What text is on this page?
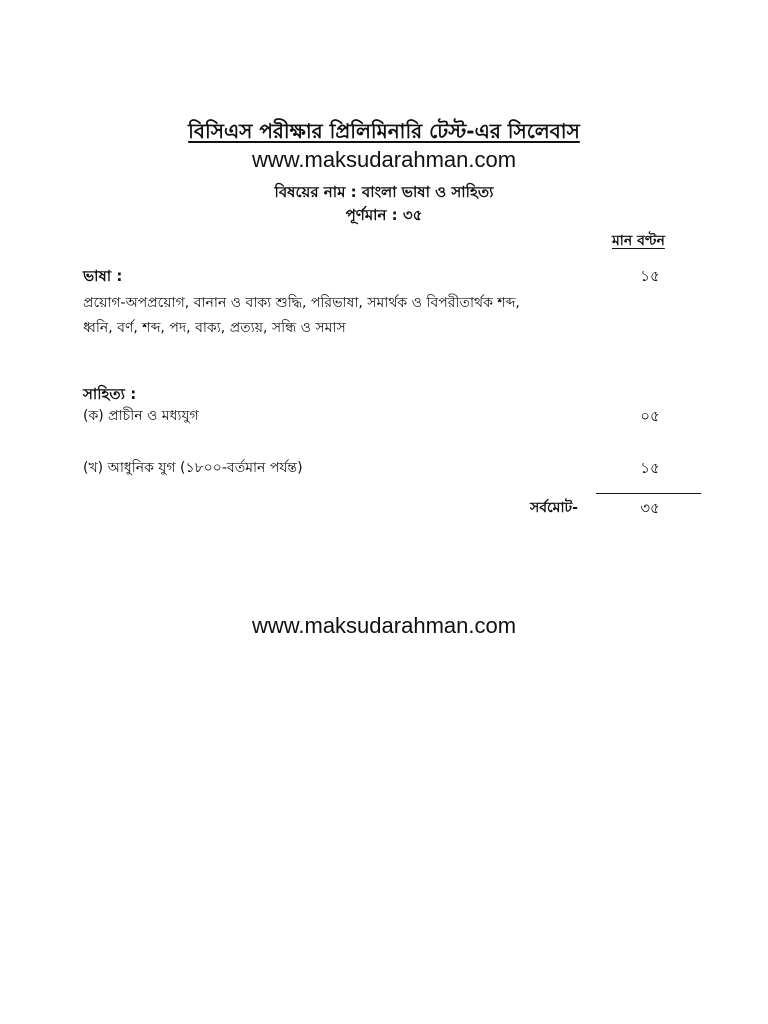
বিসিএস পরীক্ষার প্রিলিমিনারি টেস্ট-এর সিলেবাস
www.maksudarahman.com
বিষয়ের নাম : বাংলা ভাষা ও সাহিত্য
পূর্ণমান : ৩৫
মান বণ্টন
ভাষা :	১৫
প্রয়োগ-অপপ্রয়োগ, বানান ও বাক্য শুদ্ধি, পরিভাষা, সমার্থক ও বিপরীতার্থক শব্দ,
ধ্বনি, বর্ণ, শব্দ, পদ, বাক্য, প্রত্যয়, সন্ধি ও সমাস
সাহিত্য :
(ক) প্রাচীন ও মধ্যযুগ	০৫
(খ) আধুনিক যুগ (১৮০০-বর্তমান পর্যন্ত)	১৫
সর্বমোট-	৩৫
www.maksudarahman.com
